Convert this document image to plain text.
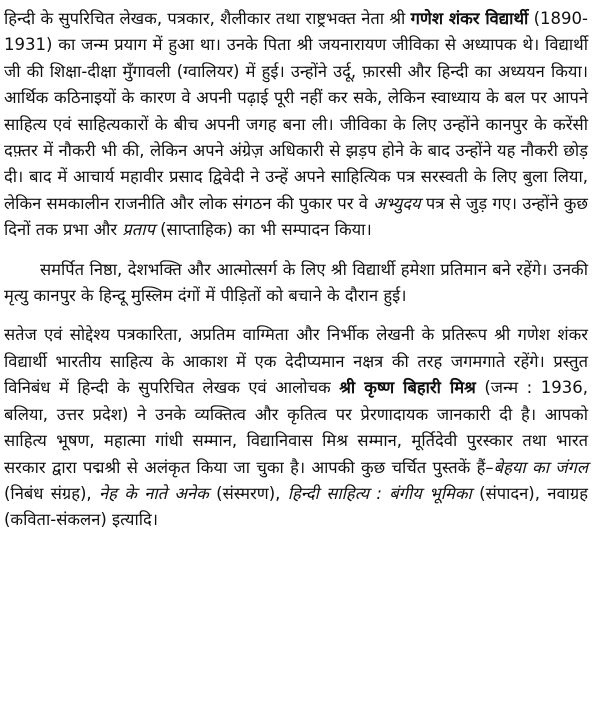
हिन्दी के सुपरिचित लेखक, पत्रकार, शैलीकार तथा राष्ट्रभक्त नेता श्री गणेश शंकर विद्यार्थी (1890-1931) का जन्म प्रयाग में हुआ था। उनके पिता श्री जयनारायण जीविका से अध्यापक थे। विद्यार्थी जी की शिक्षा-दीक्षा मुँगावली (ग्वालियर) में हुई। उन्होंने उर्दू, फ़ारसी और हिन्दी का अध्ययन किया। आर्थिक कठिनाइयों के कारण वे अपनी पढ़ाई पूरी नहीं कर सके, लेकिन स्वाध्याय के बल पर आपने साहित्य एवं साहित्यकारों के बीच अपनी जगह बना ली। जीविका के लिए उन्होंने कानपुर के करेंसी दफ़्तर में नौकरी भी की, लेकिन अपने अंग्रेज़ अधिकारी से झड़प होने के बाद उन्होंने यह नौकरी छोड़ दी। बाद में आचार्य महावीर प्रसाद द्विवेदी ने उन्हें अपने साहित्यिक पत्र सरस्वती के लिए बुला लिया, लेकिन समकालीन राजनीति और लोक संगठन की पुकार पर वे अभ्युदय पत्र से जुड़ गए। उन्होंने कुछ दिनों तक प्रभा और प्रताप (साप्ताहिक) का भी सम्पादन किया।

समर्पित निष्ठा, देशभक्ति और आत्मोत्सर्ग के लिए श्री विद्यार्थी हमेशा प्रतिमान बने रहेंगे। उनकी मृत्यु कानपुर के हिन्दू मुस्लिम दंगों में पीड़ितों को बचाने के दौरान हुई।

सतेज एवं सोद्देश्य पत्रकारिता, अप्रतिम वाग्मिता और निर्भीक लेखनी के प्रतिरूप श्री गणेश शंकर विद्यार्थी भारतीय साहित्य के आकाश में एक देदीप्यमान नक्षत्र की तरह जगमगाते रहेंगे। प्रस्तुत विनिबंध में हिन्दी के सुपरिचित लेखक एवं आलोचक श्री कृष्ण बिहारी मिश्र (जन्म : 1936, बलिया, उत्तर प्रदेश) ने उनके व्यक्तित्व और कृतित्व पर प्रेरणादायक जानकारी दी है। आपको साहित्य भूषण, महात्मा गांधी सम्मान, विद्यानिवास मिश्र सम्मान, मूर्तिदेवी पुरस्कार तथा भारत सरकार द्वारा पद्मश्री से अलंकृत किया जा चुका है। आपकी कुछ चर्चित पुस्तकें हैं–बेहया का जंगल (निबंध संग्रह), नेह के नाते अनेक (संस्मरण), हिन्दी साहित्य : बंगीय भूमिका (संपादन), नवाग्रह (कविता-संकलन) इत्यादि।
